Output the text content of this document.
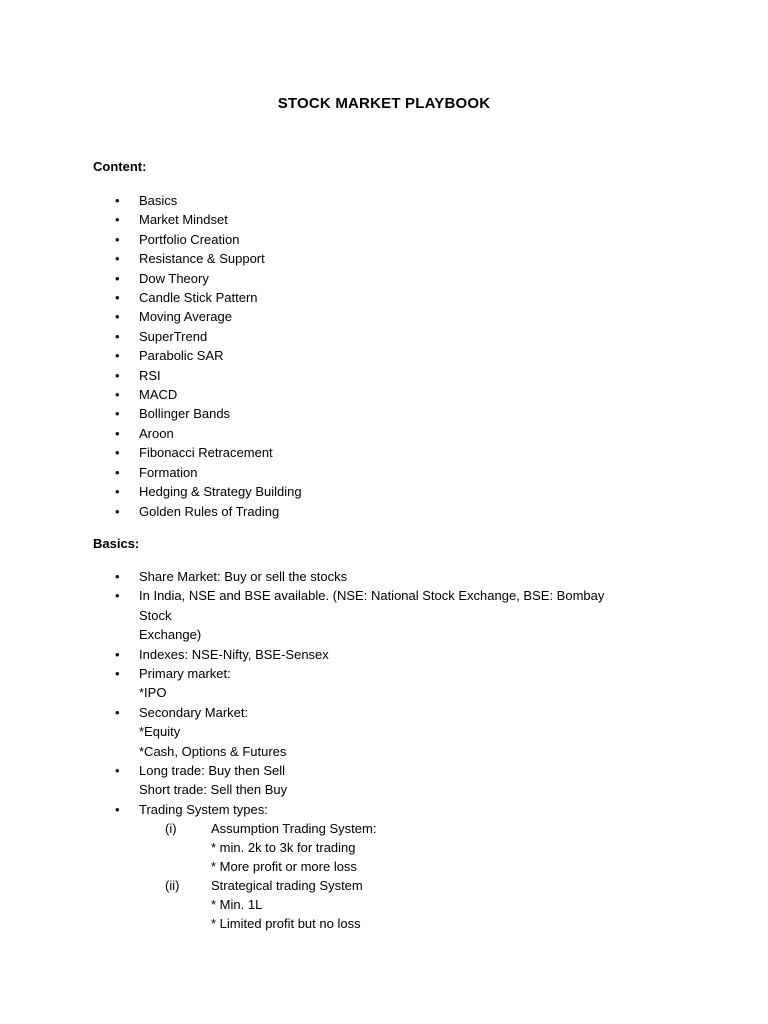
STOCK MARKET PLAYBOOK
Content:
• Basics
• Market Mindset
• Portfolio Creation
• Resistance & Support
• Dow Theory
• Candle Stick Pattern
• Moving Average
• SuperTrend
• Parabolic SAR
• RSI
• MACD
• Bollinger Bands
• Aroon
• Fibonacci Retracement
• Formation
• Hedging & Strategy Building
• Golden Rules of Trading
Basics:
• Share Market: Buy or sell the stocks
• In India, NSE and BSE available. (NSE: National Stock Exchange, BSE: Bombay Stock
Exchange)
• Indexes: NSE-Nifty, BSE-Sensex
• Primary market:
*IPO
• Secondary Market:
*Equity
*Cash, Options & Futures
• Long trade: Buy then Sell
Short trade: Sell then Buy
• Trading System types:
(i)	Assumption Trading System:
* min. 2k to 3k for trading
* More profit or more loss
(ii)	Strategical trading System
* Min. 1L
* Limited profit but no loss
